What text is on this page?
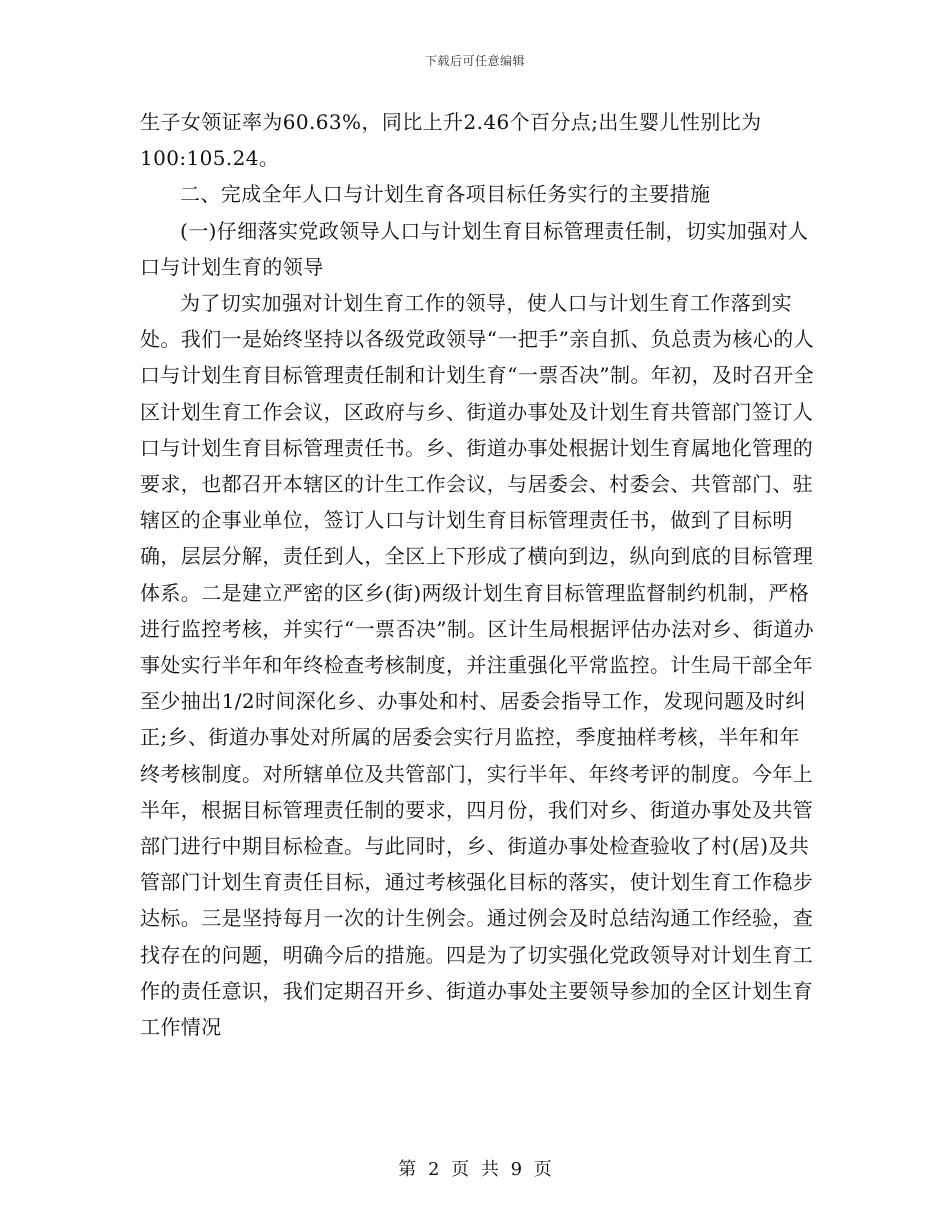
下载后可任意编辑

生子女领证率为60.63%，同比上升2.46个百分点;出生婴儿性别比为100:105.24。

二、完成全年人口与计划生育各项目标任务实行的主要措施

(一)仔细落实党政领导人口与计划生育目标管理责任制，切实加强对人口与计划生育的领导

为了切实加强对计划生育工作的领导，使人口与计划生育工作落到实处。我们一是始终坚持以各级党政领导“一把手”亲自抓、负总责为核心的人口与计划生育目标管理责任制和计划生育“一票否决”制。年初，及时召开全区计划生育工作会议，区政府与乡、街道办事处及计划生育共管部门签订人口与计划生育目标管理责任书。乡、街道办事处根据计划生育属地化管理的要求，也都召开本辖区的计生工作会议，与居委会、村委会、共管部门、驻辖区的企事业单位，签订人口与计划生育目标管理责任书，做到了目标明确，层层分解，责任到人，全区上下形成了横向到边，纵向到底的目标管理体系。二是建立严密的区乡(街)两级计划生育目标管理监督制约机制，严格进行监控考核，并实行“一票否决”制。区计生局根据评估办法对乡、街道办事处实行半年和年终检查考核制度，并注重强化平常监控。计生局干部全年至少抽出1/2时间深化乡、办事处和村、居委会指导工作，发现问题及时纠正;乡、街道办事处对所属的居委会实行月监控，季度抽样考核，半年和年终考核制度。对所辖单位及共管部门，实行半年、年终考评的制度。今年上半年，根据目标管理责任制的要求，四月份，我们对乡、街道办事处及共管部门进行中期目标检查。与此同时，乡、街道办事处检查验收了村(居)及共管部门计划生育责任目标，通过考核强化目标的落实，使计划生育工作稳步达标。三是坚持每月一次的计生例会。通过例会及时总结沟通工作经验，查找存在的问题，明确今后的措施。四是为了切实强化党政领导对计划生育工作的责任意识，我们定期召开乡、街道办事处主要领导参加的全区计划生育工作情况

第 2 页 共 9 页
